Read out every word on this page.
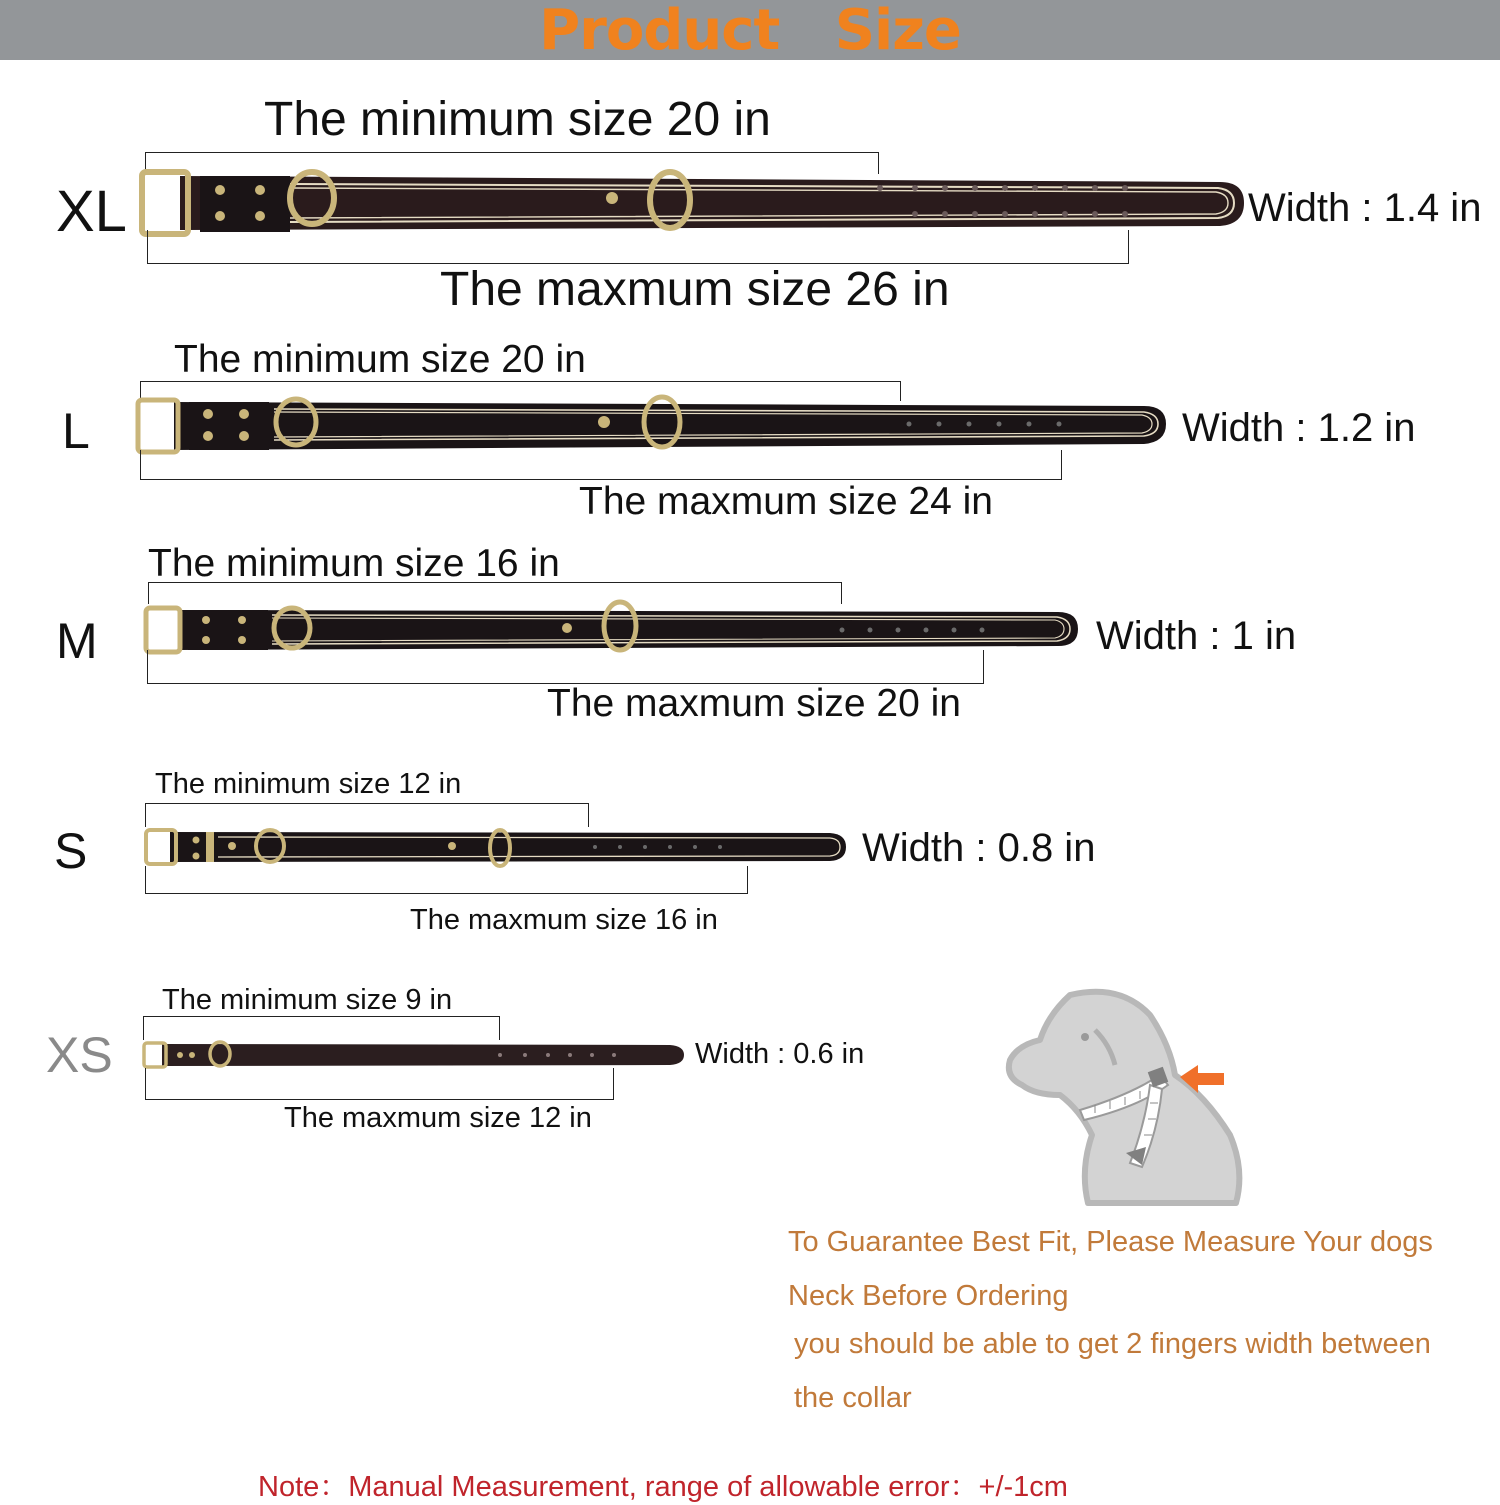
Product   Size
XL
The minimum size 20 in
Width : 1.4 in
The maxmum size 26 in
L
The minimum size 20 in
Width : 1.2 in
The maxmum size 24 in
M
The minimum size 16 in
Width : 1 in
The maxmum size 20 in
S
The minimum size 12 in
Width : 0.8 in
The maxmum size 16 in
XS
The minimum size 9 in
Width : 0.6 in
The maxmum size 12 in
To Guarantee Best Fit, Please Measure Your dogs
Neck Before Ordering
you should be able to get 2 fingers width between
the collar
Note：Manual Measurement, range of allowable error：+/-1cm
